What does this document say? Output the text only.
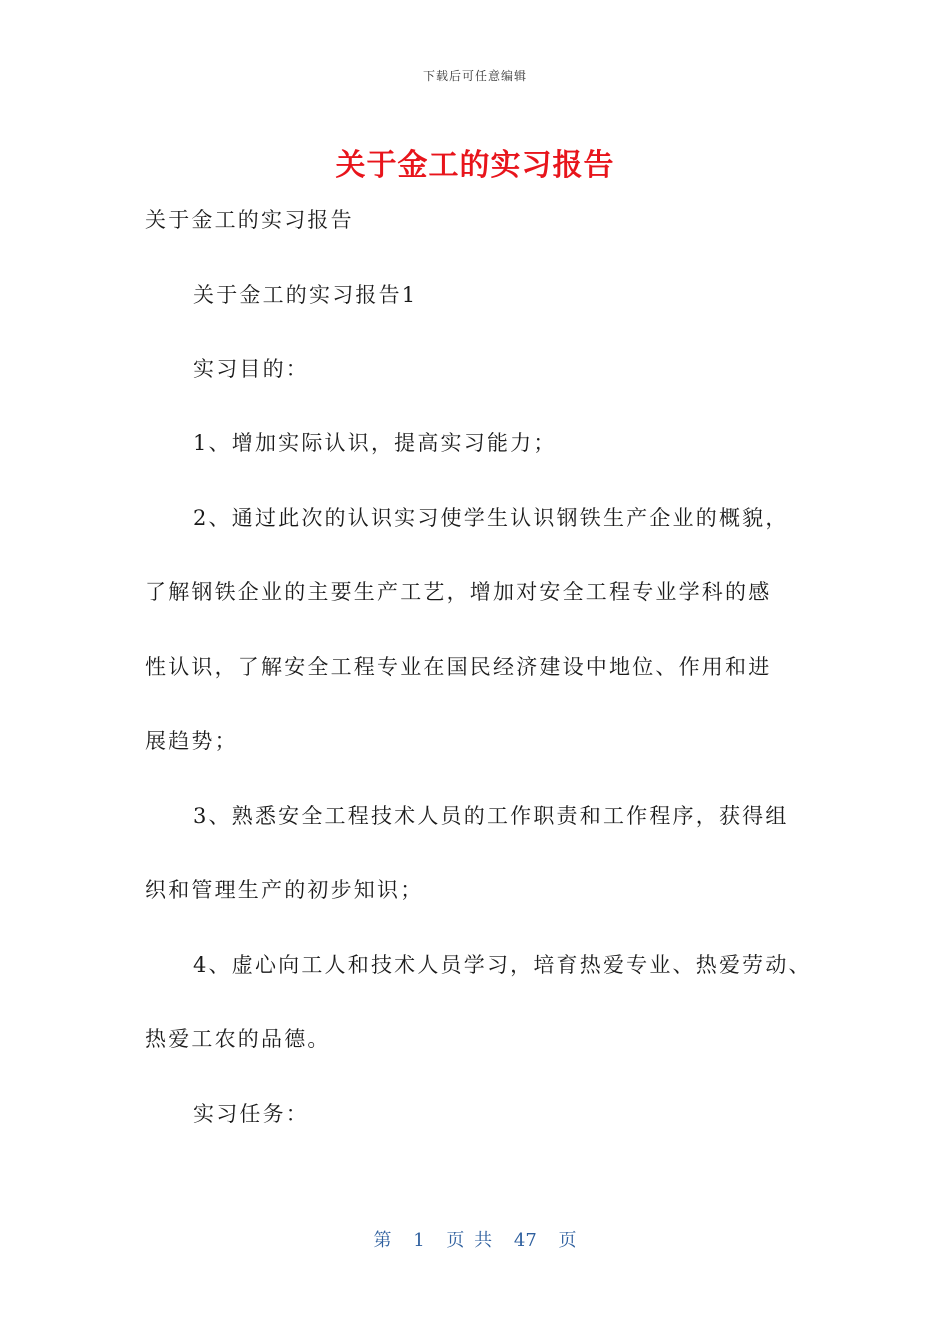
下载后可任意编辑
关于金工的实习报告
关于金工的实习报告
关于金工的实习报告1
实习目的：
1、增加实际认识，提高实习能力；
2、通过此次的认识实习使学生认识钢铁生产企业的概貌，
了解钢铁企业的主要生产工艺，增加对安全工程专业学科的感
性认识，了解安全工程专业在国民经济建设中地位、作用和进
展趋势；
3、熟悉安全工程技术人员的工作职责和工作程序，获得组
织和管理生产的初步知识；
4、虚心向工人和技术人员学习，培育热爱专业、热爱劳动、
热爱工农的品德。
实习任务：
第 1 页 共 47 页
